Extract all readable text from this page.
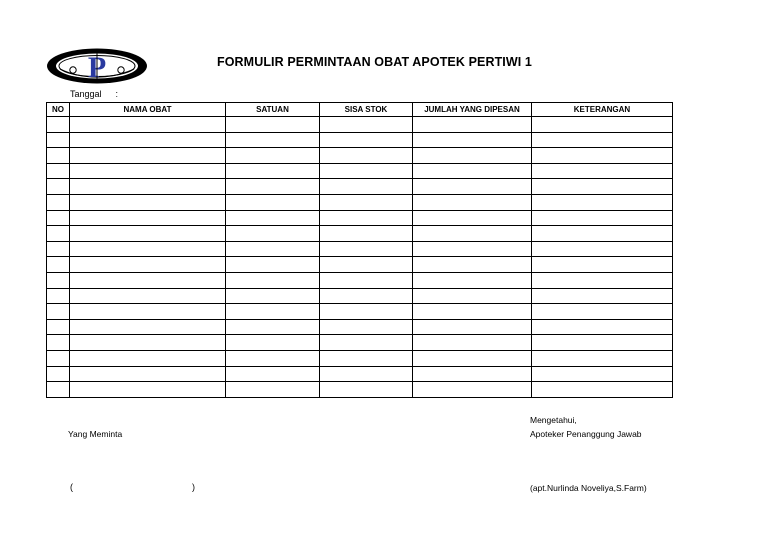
P	FORMULIR PERMINTAAN OBAT APOTEK PERTIWI 1
Tanggal :
NO	NAMA OBAT	SATUAN	SISA STOK	JUMLAH YANG DIPESAN	KETERANGAN

Mengetahui,
Yang Meminta	Apoteker Penanggung Jawab
(	)	(apt.Nurlinda Noveliya,S.Farm)
